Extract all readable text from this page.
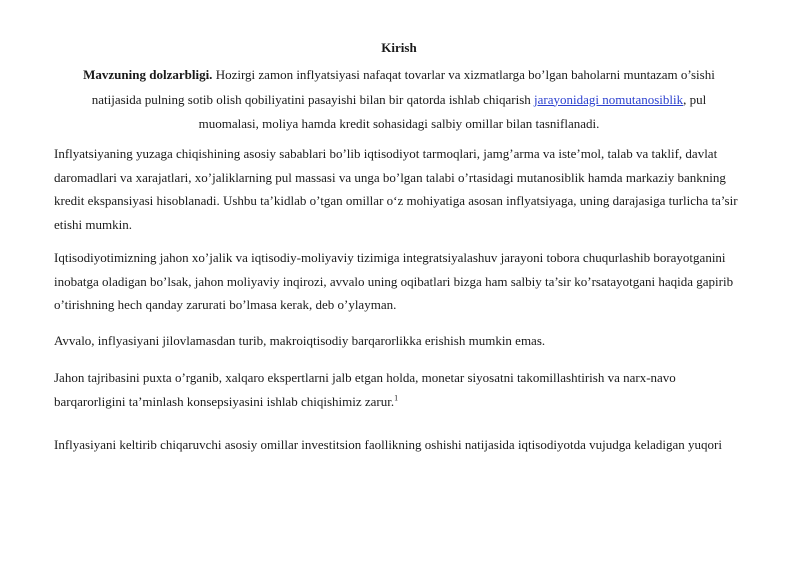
Kirish
Mavzuning dolzarbligi. Hozirgi zamon inflyatsiyasi nafaqat tovarlar va xizmatlarga bo’lgan baholarni muntazam o’sishi natijasida pulning sotib olish qobiliyatini pasayishi bilan bir qatorda ishlab chiqarish jarayonidagi nomutanosiblik, pul muomalasi, moliya hamda kredit sohasidagi salbiy omillar bilan tasniflanadi.
Inflyatsiyaning yuzaga chiqishining asosiy sabablari bo’lib iqtisodiyot tarmoqlari, jamg’arma va iste’mol, talab va taklif, davlat daromadlari va xarajatlari, xo’jaliklarning pul massasi va unga bo’lgan talabi o’rtasidagi mutanosiblik hamda markaziy bankning kredit ekspansiyasi hisoblanadi. Ushbu ta’kidlab o’tgan omillar o‘z mohiyatiga asosan inflyatsiyaga, uning darajasiga turlicha ta’sir etishi mumkin.
Iqtisodiyotimizning jahon xo’jalik va iqtisodiy-moliyaviy tizimiga integratsiyalashuv jarayoni tobora chuqurlashib borayotganini inobatga oladigan bo’lsak, jahon moliyaviy inqirozi, avvalo uning oqibatlari bizga ham salbiy ta’sir ko’rsatayotgani haqida gapirib o’tirishning hech qanday zarurati bo’lmasa kerak, deb o’ylayman.
Avvalo, inflyasiyani jilovlamasdan turib, makroiqtisodiy barqarorlikka erishish mumkin emas.
Jahon tajribasini puxta o’rganib, xalqaro ekspertlarni jalb etgan holda, monetar siyosatni takomillashtirish va narx-navo barqarorligini ta’minlash konsepsiyasini ishlab chiqishimiz zarur.$^1$
Inflyasiyani keltirib chiqaruvchi asosiy omillar investitsion faollikning oshishi natijasida iqtisodiyotda vujudga keladigan yuqori
